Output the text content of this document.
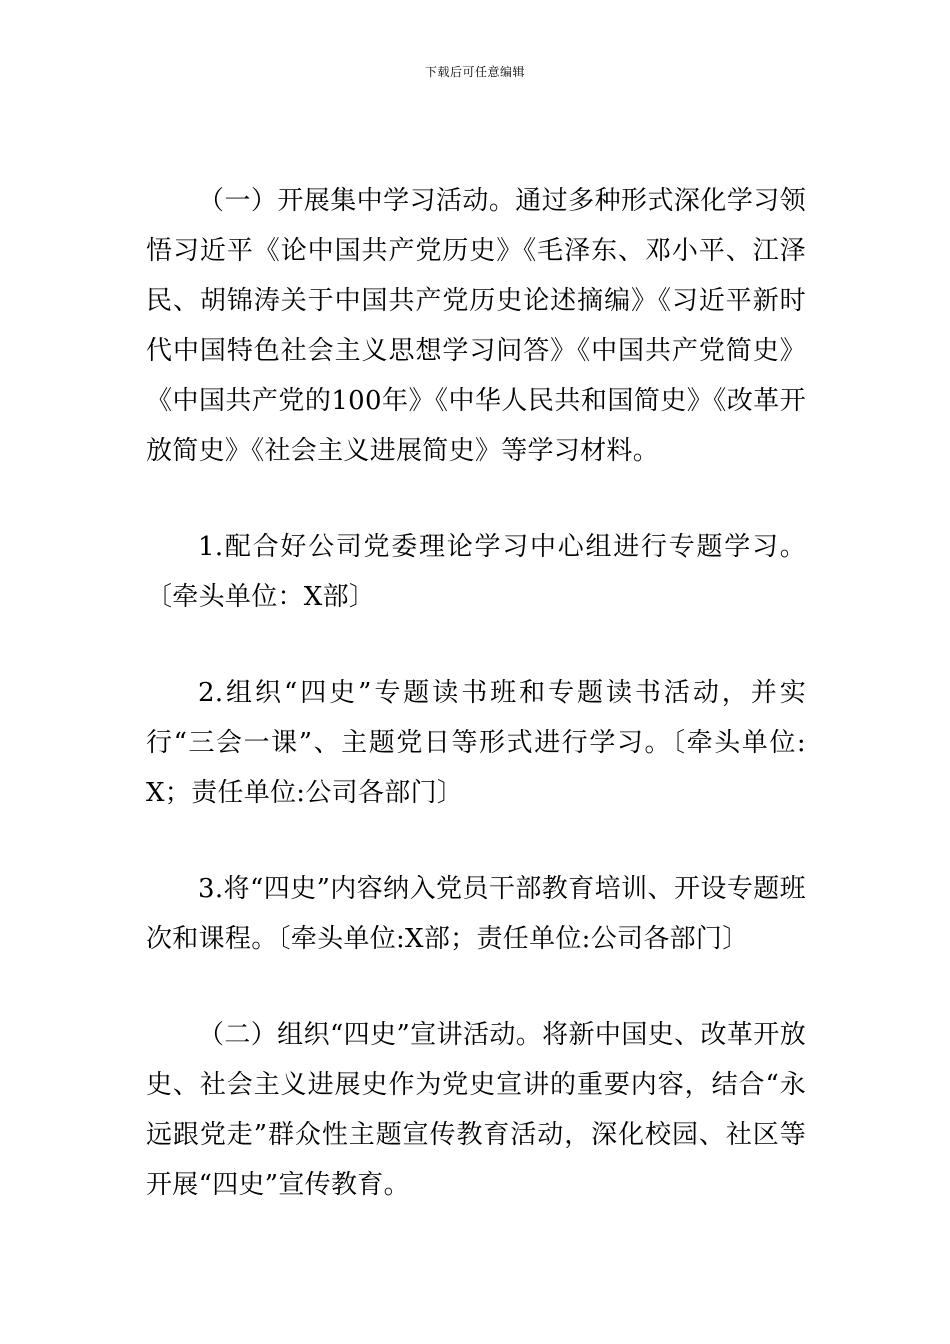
下载后可任意编辑

（一）开展集中学习活动。通过多种形式深化学习领悟习近平《论中国共产党历史》《毛泽东、邓小平、江泽民、胡锦涛关于中国共产党历史论述摘编》《习近平新时代中国特色社会主义思想学习问答》《中国共产党简史》《中国共产党的100年》《中华人民共和国简史》《改革开放简史》《社会主义进展简史》等学习材料。

1.配合好公司党委理论学习中心组进行专题学习。〔牵头单位：X部〕

2.组织“四史”专题读书班和专题读书活动，并实行“三会一课”、主题党日等形式进行学习。〔牵头单位:X；责任单位:公司各部门〕

3.将“四史”内容纳入党员干部教育培训、开设专题班次和课程。〔牵头单位:X部；责任单位:公司各部门〕

（二）组织“四史”宣讲活动。将新中国史、改革开放史、社会主义进展史作为党史宣讲的重要内容，结合“永远跟党走”群众性主题宣传教育活动，深化校园、社区等开展“四史”宣传教育。
